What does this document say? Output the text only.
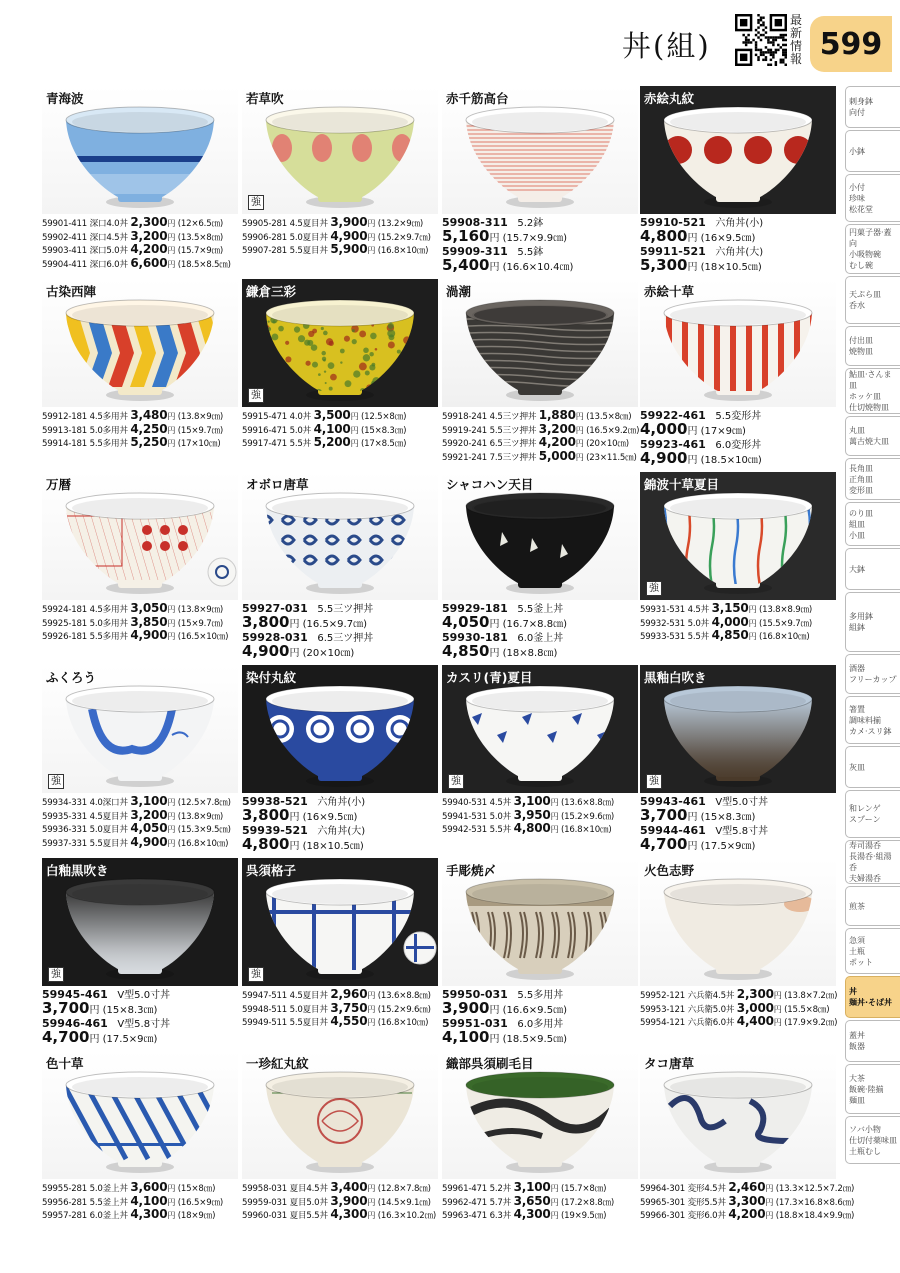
丼(組)
最新情報 599
青海波
59901-411 深口4.0丼 2,300円 (12×6.5㎝)
59902-411 深口4.5丼 3,200円 (13.5×8㎝)
59903-411 深口5.0丼 4,200円 (15.7×9㎝)
59904-411 深口6.0丼 6,600円 (18.5×8.5㎝)
若草吹
強
59905-281 4.5夏目丼 3,900円 (13.2×9㎝)
59906-281 5.0夏目丼 4,900円 (15.2×9.7㎝)
59907-281 5.5夏目丼 5,900円 (16.8×10㎝)
赤千筋高台
59908-311 5.2鉢
5,160円 (15.7×9.9㎝)
59909-311 5.5鉢
5,400円 (16.6×10.4㎝)
赤絵丸紋
59910-521 六角丼(小)
4,800円 (16×9.5㎝)
59911-521 六角丼(大)
5,300円 (18×10.5㎝)
古染西陣
59912-181 4.5多用丼 3,480円 (13.8×9㎝)
59913-181 5.0多用丼 4,250円 (15×9.7㎝)
59914-181 5.5多用丼 5,250円 (17×10㎝)
鎌倉三彩
強
59915-471 4.0丼 3,500円 (12.5×8㎝)
59916-471 5.0丼 4,100円 (15×8.3㎝)
59917-471 5.5丼 5,200円 (17×8.5㎝)
渦潮
59918-241 4.5三ツ押丼 1,880円 (13.5×8㎝)
59919-241 5.5三ツ押丼 3,200円 (16.5×9.2㎝)
59920-241 6.5三ツ押丼 4,200円 (20×10㎝)
59921-241 7.5三ツ押丼 5,000円 (23×11.5㎝)
赤絵十草
59922-461 5.5変形丼
4,000円 (17×9㎝)
59923-461 6.0変形丼
4,900円 (18.5×10㎝)
万暦
59924-181 4.5多用丼 3,050円 (13.8×9㎝)
59925-181 5.0多用丼 3,850円 (15×9.7㎝)
59926-181 5.5多用丼 4,900円 (16.5×10㎝)
オボロ唐草
59927-031 5.5三ツ押丼
3,800円 (16.5×9.7㎝)
59928-031 6.5三ツ押丼
4,900円 (20×10㎝)
シャコハン天目
59929-181 5.5釜上丼
4,050円 (16.7×8.8㎝)
59930-181 6.0釜上丼
4,850円 (18×8.8㎝)
錦波十草夏目
強
59931-531 4.5丼 3,150円 (13.8×8.9㎝)
59932-531 5.0丼 4,000円 (15.5×9.7㎝)
59933-531 5.5丼 4,850円 (16.8×10㎝)
ふくろう
強
59934-331 4.0深口丼 3,100円 (12.5×7.8㎝)
59935-331 4.5夏目丼 3,200円 (13.8×9㎝)
59936-331 5.0夏目丼 4,050円 (15.3×9.5㎝)
59937-331 5.5夏目丼 4,900円 (16.8×10㎝)
染付丸紋
59938-521 六角丼(小)
3,800円 (16×9.5㎝)
59939-521 六角丼(大)
4,800円 (18×10.5㎝)
カスリ(青)夏目
強
59940-531 4.5丼 3,100円 (13.6×8.8㎝)
59941-531 5.0丼 3,950円 (15.2×9.6㎝)
59942-531 5.5丼 4,800円 (16.8×10㎝)
黒釉白吹き
強
59943-461 V型5.0寸丼
3,700円 (15×8.3㎝)
59944-461 V型5.8寸丼
4,700円 (17.5×9㎝)
白釉黒吹き
強
59945-461 V型5.0寸丼
3,700円 (15×8.3㎝)
59946-461 V型5.8寸丼
4,700円 (17.5×9㎝)
呉須格子
強
59947-511 4.5夏目丼 2,960円 (13.6×8.8㎝)
59948-511 5.0夏目丼 3,750円 (15.2×9.6㎝)
59949-511 5.5夏目丼 4,550円 (16.8×10㎝)
手彫焼〆
59950-031 5.5多用丼
3,900円 (16.6×9.5㎝)
59951-031 6.0多用丼
4,100円 (18.5×9.5㎝)
火色志野
59952-121 六兵衛4.5丼 2,300円 (13.8×7.2㎝)
59953-121 六兵衛5.0丼 3,000円 (15.5×8㎝)
59954-121 六兵衛6.0丼 4,400円 (17.9×9.2㎝)
色十草
59955-281 5.0釜上丼 3,600円 (15×8㎝)
59956-281 5.5釜上丼 4,100円 (16.5×9㎝)
59957-281 6.0釜上丼 4,300円 (18×9㎝)
一珍紅丸紋
59958-031 夏目4.5丼 3,400円 (12.8×7.8㎝)
59959-031 夏目5.0丼 3,900円 (14.5×9.1㎝)
59960-031 夏目5.5丼 4,300円 (16.3×10.2㎝)
織部呉須刷毛目
59961-471 5.2丼 3,100円 (15.7×8㎝)
59962-471 5.7丼 3,650円 (17.2×8.8㎝)
59963-471 6.3丼 4,300円 (19×9.5㎝)
タコ唐草
59964-301 変形4.5丼 2,460円 (13.3×12.5×7.2㎝)
59965-301 変形5.5丼 3,300円 (17.3×16.8×8.6㎝)
59966-301 変形6.0丼 4,200円 (18.8×18.4×9.9㎝)
刺身鉢
向付
小鉢
小付
珍味
松花堂
円菓子器·蓋向
小吸物碗
むし碗
天ぷら皿
呑水
付出皿
焼物皿
鮎皿·さんま皿
ホッケ皿
仕切焼物皿
丸皿
萬古焼大皿
長角皿
正角皿
変形皿
のり皿
組皿
小皿
大鉢
多用鉢
組鉢
酒器
フリーカップ
箸置
調味料揃
カメ·スリ鉢
灰皿
和レンゲ
スプーン
寿司湯呑
長湯呑·組湯呑
夫婦湯呑
煎茶
急須
土瓶
ポット
丼
麺丼·そば丼
蓋丼
飯器
大茶
飯碗·陸揃
麺皿
ソバ小物
仕切付薬味皿
土瓶むし
